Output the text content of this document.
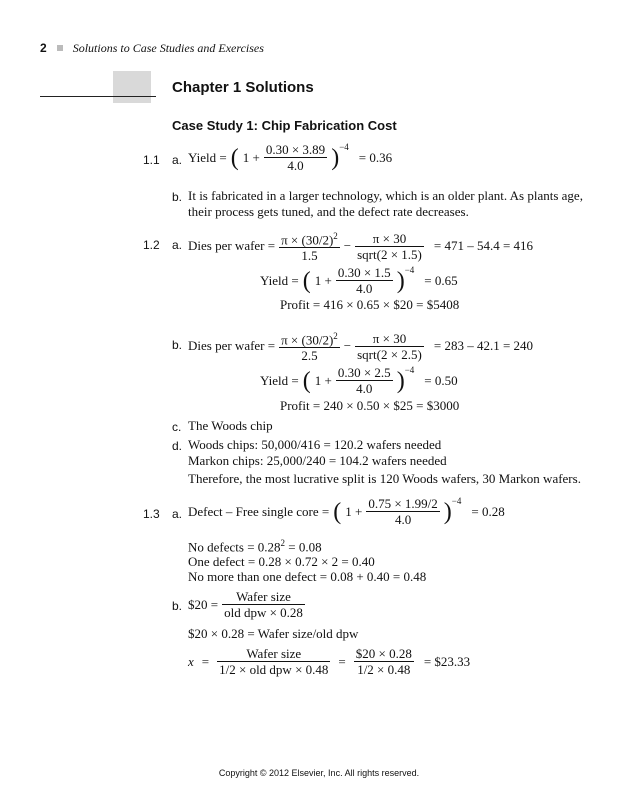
2 Solutions to Case Studies and Exercises
Chapter 1 Solutions
Case Study 1: Chip Fabrication Cost
1.1 a. Yield = ( $1 + \frac{0.30 \times 3.89}{4.0} )^{-4}$
= 0.36
b. It is fabricated in a larger technology, which is an older plant. As plants age,
their process gets tuned, and the defect rate decreases.
1.2 a. Dies per wafer = $\frac{\pi \times (30/2)^2}{1.5} - \frac{\pi \times 30}{\text{sqrt(2 × 1.5)}} = 471 - 54.4 = 416$
Yield = ( $1 + \frac{0.30 \times 1.5}{4.0} )^{-4}$
= 0.65
Profit = 416 × 0.65 × $20 = $5408
b. Dies per wafer = $\frac{\pi \times (30/2)^2}{2.5} - \frac{\pi \times 30}{\text{sqrt(2 × 2.5)}} = 283 - 42.1 = 240$
Yield = ( $1 + \frac{0.30 \times 2.5}{4.0} )^{-4}$
= 0.50
Profit = 240 × 0.50 × $25 = $3000
c. The Woods chip
d. Woods chips: 50,000/416 = 120.2 wafers needed
Markon chips: 25,000/240 = 104.2 wafers needed
Therefore, the most lucrative split is 120 Woods wafers, 30 Markon wafers.
1.3 a. Defect – Free single core = ( $1 + \frac{0.75 \times 1.99/2}{4.0} )^{-4}$
= 0.28
No defects = $0.28^2 = 0.08$
One defect = 0.28 × 0.72 × 2 = 0.40
No more than one defect = 0.08 + 0.40 = 0.48
b. $20 = $\frac{\text{Wafer size}}{\text{old dpw × 0.28}}$
$20 × 0.28 = Wafer size/old dpw
$x = \frac{\text{Wafer size}}{\text{1/2 × old dpw × 0.48}} = \frac{\$20 \times 0.28}{1/2 \times 0.48}$ = $23.33
Copyright © 2012 Elsevier, Inc. All rights reserved.
